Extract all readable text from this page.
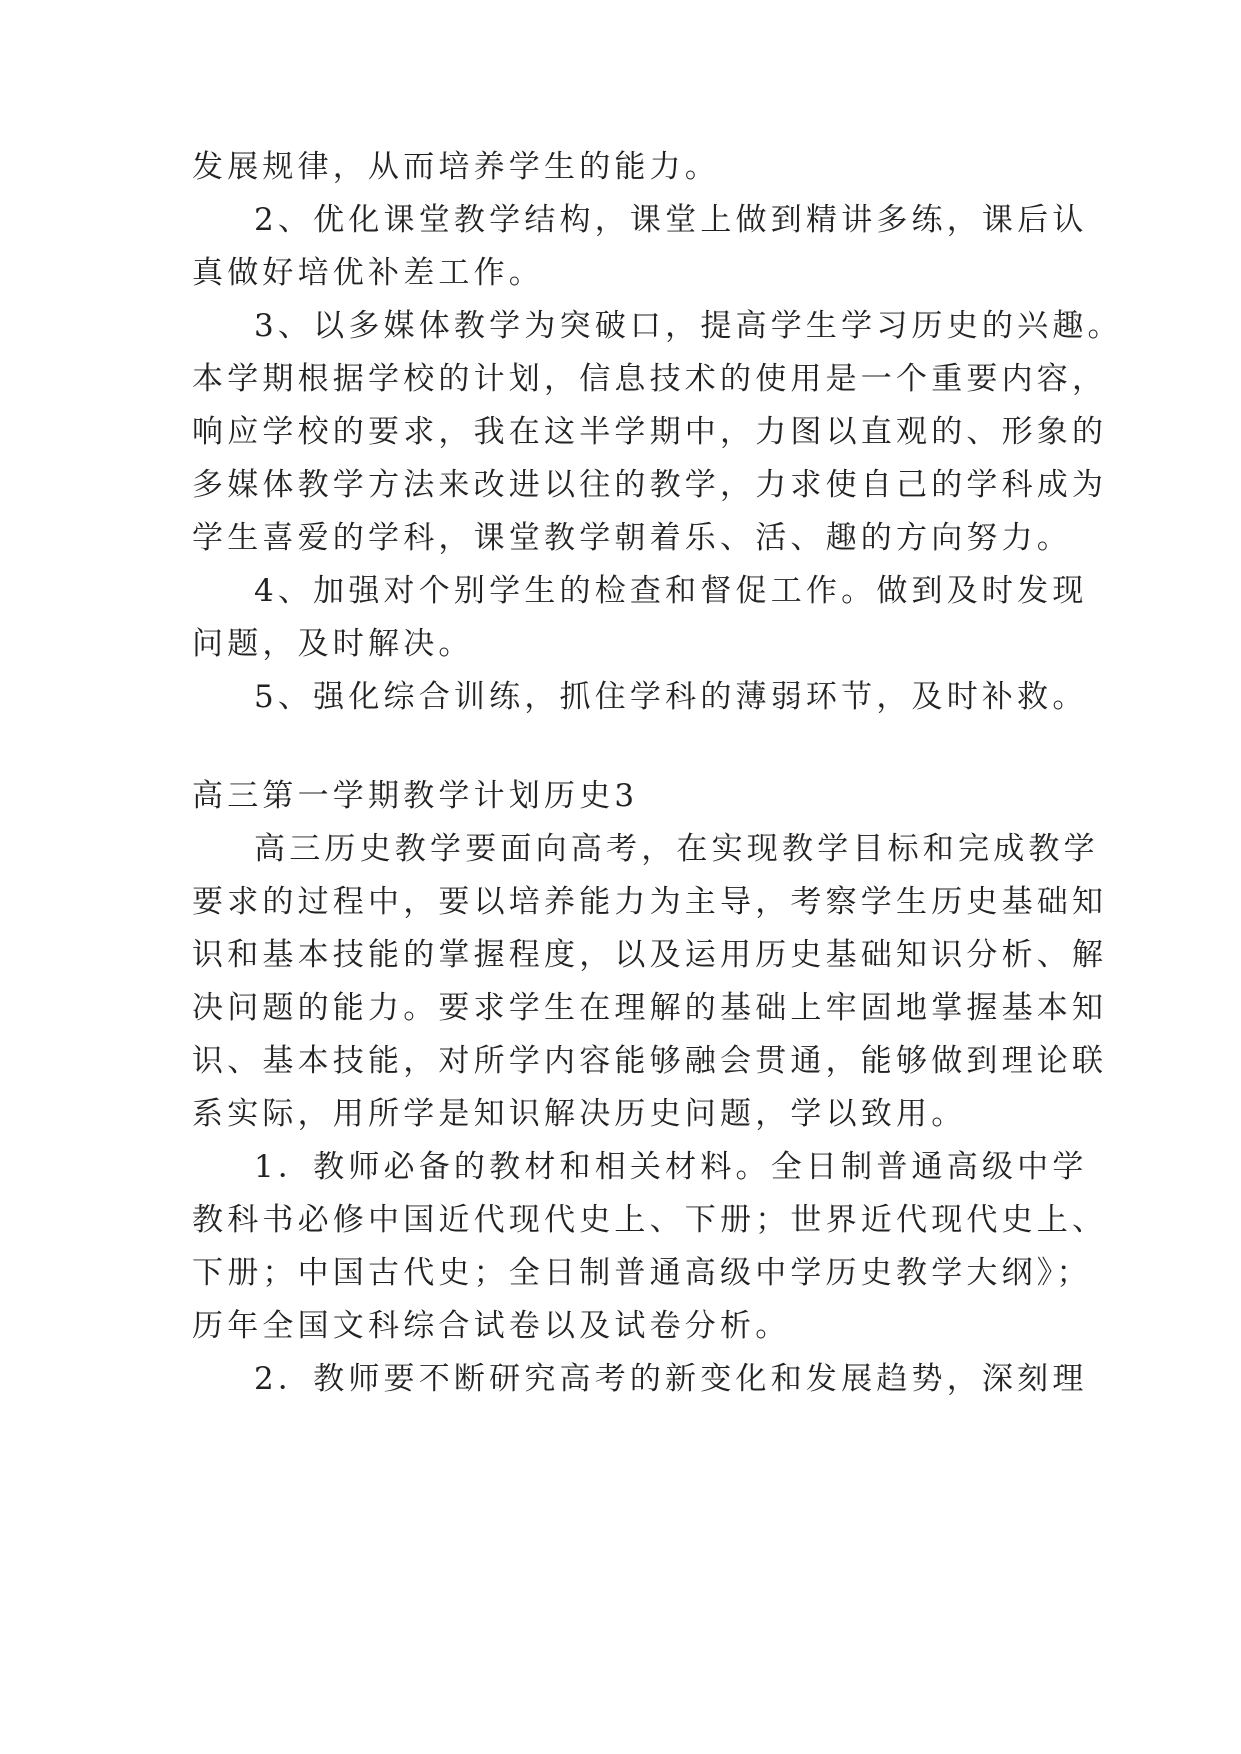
发展规律，从而培养学生的能力。

2、优化课堂教学结构，课堂上做到精讲多练，课后认

真做好培优补差工作。

3、以多媒体教学为突破口，提高学生学习历史的兴趣。

本学期根据学校的计划，信息技术的使用是一个重要内容，

响应学校的要求，我在这半学期中，力图以直观的、形象的

多媒体教学方法来改进以往的教学，力求使自己的学科成为

学生喜爱的学科，课堂教学朝着乐、活、趣的方向努力。

4、加强对个别学生的检查和督促工作。做到及时发现

问题，及时解决。

5、强化综合训练，抓住学科的薄弱环节，及时补救。

高三第一学期教学计划历史3

高三历史教学要面向高考，在实现教学目标和完成教学

要求的过程中，要以培养能力为主导，考察学生历史基础知

识和基本技能的掌握程度，以及运用历史基础知识分析、解

决问题的能力。要求学生在理解的基础上牢固地掌握基本知

识、基本技能，对所学内容能够融会贯通，能够做到理论联

系实际，用所学是知识解决历史问题，学以致用。

1．教师必备的教材和相关材料。全日制普通高级中学

教科书必修中国近代现代史上、下册；世界近代现代史上、

下册；中国古代史；全日制普通高级中学历史教学大纲》；

历年全国文科综合试卷以及试卷分析。

2．教师要不断研究高考的新变化和发展趋势，深刻理
